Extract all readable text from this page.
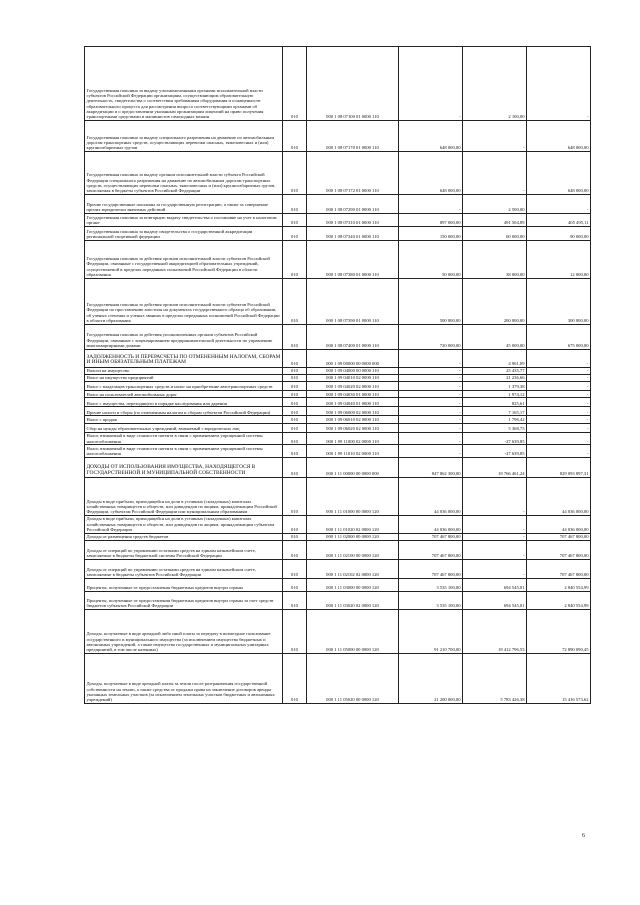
Государственная пошлина за выдачу уполномоченными органами исполнительной власти субъектов Российской Федерации организациям, осуществляющим образовательную деятельность, свидетельства о соответствии требованиям оборудования и оснащенности образовательного процесса для рассмотрения вопроса соответствующими органами об аккредитации и о предоставлении указанным организациям лицензий на право получения транспортными средствами и машинистов самоходных машин	010	000 1 08 07100 01 0000 110	-	2 100,00	-
Государственная пошлина за выдачу специального разрешения на движение по автомобильным дорогам транспортных средств, осуществляющих перевозки опасных, тяжеловесных и (или) крупногабаритных грузов	010	000 1 08 07170 01 0000 110	648 000,00	-	648 000,00
Государственная пошлина за выдачу органом исполнительной власти субъекта Российской Федерации специального разрешения на движение по автомобильным дорогам транспортных средств, осуществляющих перевозки опасных, тяжеловесных и (или) крупногабаритных грузов, зачисляемая в бюджеты субъектов Российской Федерации	010	000 1 08 07172 01 0000 110	648 000,00	-	648 000,00
Прочие государственные пошлины за государственную регистрацию, а также за совершение прочих юридически значимых действий	010	000 1 08 07290 01 0000 110	-	2 500,00	-
Государственная пошлина за повторную выдачу свидетельства о постановке на учет в налоговом органе	010	000 1 08 07310 01 0000 110	897 000,00	491 504,89	405 495,11
Государственная пошлина за выдачу свидетельства о государственной аккредитации региональной спортивной федерации	010	000 1 08 07340 01 0000 110	150 000,00	60 000,00	90 000,00
Государственная пошлина за действия органов исполнительной власти субъектов Российской Федерации, связанные с государственной аккредитацией образовательных учреждений, осуществляемой в пределах переданных полномочий Российской Федерации в области образования	010	000 1 08 07380 01 0000 110	50 000,00	38 000,00	12 000,00
Государственная пошлина за действия органов исполнительной власти субъектов Российской Федерации по проставлению апостиля на документах государственного образца об образовании, об ученых степенях и ученых званиях в пределах переданных полномочий Российской Федерации в области образования	010	000 1 08 07390 01 0000 110	500 000,00	200 000,00	300 000,00
Государственная пошлина за действия уполномоченных органов субъектов Российской Федерации, связанные с лицензированием предпринимательской деятельности по управлению многоквартирными домами	010	000 1 08 07400 01 0000 110	720 000,00	45 000,00	675 000,00
ЗАДОЛЖЕННОСТЬ И ПЕРЕРАСЧЕТЫ ПО ОТМЕНЕННЫМ НАЛОГАМ, СБОРАМ И ИНЫМ ОБЯЗАТЕЛЬНЫМ ПЛАТЕЖАМ	010	000 1 09 00000 00 0000 000	-	4 961,09	-
Налоги на имущество	010	000 1 09 04000 00 0000 110	-	25 435,77	-
Налог на имущество предприятий	010	000 1 09 04010 02 0000 110	-	21 236,66	-
Налог с владельцев транспортных средств и налог на приобретение автотранспортных средств	010	000 1 09 04020 02 0000 110	-	1 379,38	-
Налог на пользователей автомобильных дорог	010	000 1 09 04030 01 0000 110	-	1 974,12	-
Налог с имущества, переходящего в порядке наследования или дарения	010	000 1 09 04040 01 0000 110	-	825,61	-
Прочие налоги и сборы (по отмененным налогам и сборам субъектов Российской Федерации)	010	000 1 09 06000 02 0000 110	-	7 165,17	-
Налог с продаж	010	000 1 09 06010 02 0000 110	-	1 796,42	-
Сбор на нужды образовательных учреждений, взимаемый с юридических лиц	010	000 1 09 06020 02 0000 110	-	5 368,75	-
Налог, взимаемый в виде стоимости патента в связи с применением упрощенной системы налогообложения	010	000 1 09 11000 02 0000 110	-	-27 639,85	-
Налог, взимаемый в виде стоимости патента в связи с применением упрощенной системы налогообложения	010	000 1 09 11010 02 0000 110	-	-27 639,85	-
ДОХОДЫ ОТ ИСПОЛЬЗОВАНИЯ ИМУЩЕСТВА, НАХОДЯЩЕГОСЯ В ГОСУДАРСТВЕННОЙ И МУНИЦИПАЛЬНОЙ СОБСТВЕННОСТИ	010	000 1 11 00000 00 0000 000	847 862 300,00	18 766 461,24	829 093 897,31
Доходы в виде прибыли, приходящейся на доли в уставных (складочных) капиталах хозяйственных товариществ и обществ, или дивидендов по акциям, принадлежащим Российской Федерации, субъектам Российской Федерации или муниципальным образованиям	010	000 1 11 01000 00 0000 120	44 036 000,00	-	44 036 000,00
Доходы в виде прибыли, приходящейся на доли в уставных (складочных) капиталах хозяйственных товариществ и обществ, или дивидендов по акциям, принадлежащим субъектам Российской Федерации	010	000 1 11 01020 02 0000 120	44 036 000,00	-	44 036 000,00
Доходы от размещения средств бюджетов	010	000 1 11 02000 00 0000 120	707 467 800,00	-	707 467 800,00
Доходы от операций по управлению остатками средств на едином казначейском счете, зачисляемые в бюджеты бюджетной системы Российской Федерации	010	000 1 11 02100 00 0000 120	707 467 800,00	-	707 467 800,00
Доходы от операций по управлению остатками средств на едином казначейском счете, зачисляемые в бюджеты субъектов Российской Федерации	010	000 1 11 02102 02 0000 120	707 467 800,00	-	707 467 800,00
Проценты, полученные от предоставления бюджетных кредитов внутри страны	010	000 1 11 03000 00 0000 120	3 535 100,00	694 545,01	2 840 554,99
Проценты, полученные от предоставления бюджетных кредитов внутри страны за счет средств бюджетов субъектов Российской Федерации	010	000 1 11 03020 02 0000 120	3 535 100,00	694 545,01	2 840 554,99
Доходы, получаемые в виде арендной либо иной платы за передачу в возмездное пользование государственного и муниципального имущества (за исключением имущества бюджетных и автономных учреждений, а также имущества государственных и муниципальных унитарных предприятий, в том числе казенных)	010	000 1 11 05000 00 0000 120	91 210 700,00	18 412 796,55	72 890 090,45
Доходы, получаемые в виде арендной платы за земли после разграничения государственной собственности на землю, а также средства от продажи права на заключение договоров аренды указанных земельных участков (за исключением земельных участков бюджетных и автономных учреждений)	010	000 1 11 05020 00 0000 120	21 200 000,00	5 783 426,38	15 416 573,62
6
